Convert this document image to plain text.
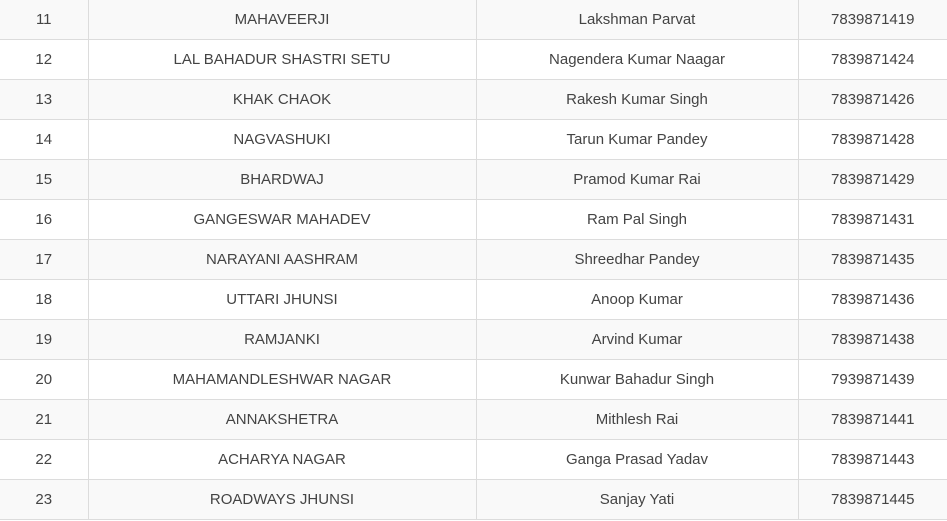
11	MAHAVEERJI	Lakshman Parvat	7839871419
12	LAL BAHADUR SHASTRI SETU	Nagendera Kumar Naagar	7839871424
13	KHAK CHAOK	Rakesh Kumar Singh	7839871426
14	NAGVASHUKI	Tarun Kumar Pandey	7839871428
15	BHARDWAJ	Pramod Kumar Rai	7839871429
16	GANGESWAR MAHADEV	Ram Pal Singh	7839871431
17	NARAYANI AASHRAM	Shreedhar Pandey	7839871435
18	UTTARI JHUNSI	Anoop Kumar	7839871436
19	RAMJANKI	Arvind Kumar	7839871438
20	MAHAMANDLESHWAR NAGAR	Kunwar Bahadur Singh	7939871439
21	ANNAKSHETRA	Mithlesh Rai	7839871441
22	ACHARYA NAGAR	Ganga Prasad Yadav	7839871443
23	ROADWAYS JHUNSI	Sanjay Yati	7839871445
